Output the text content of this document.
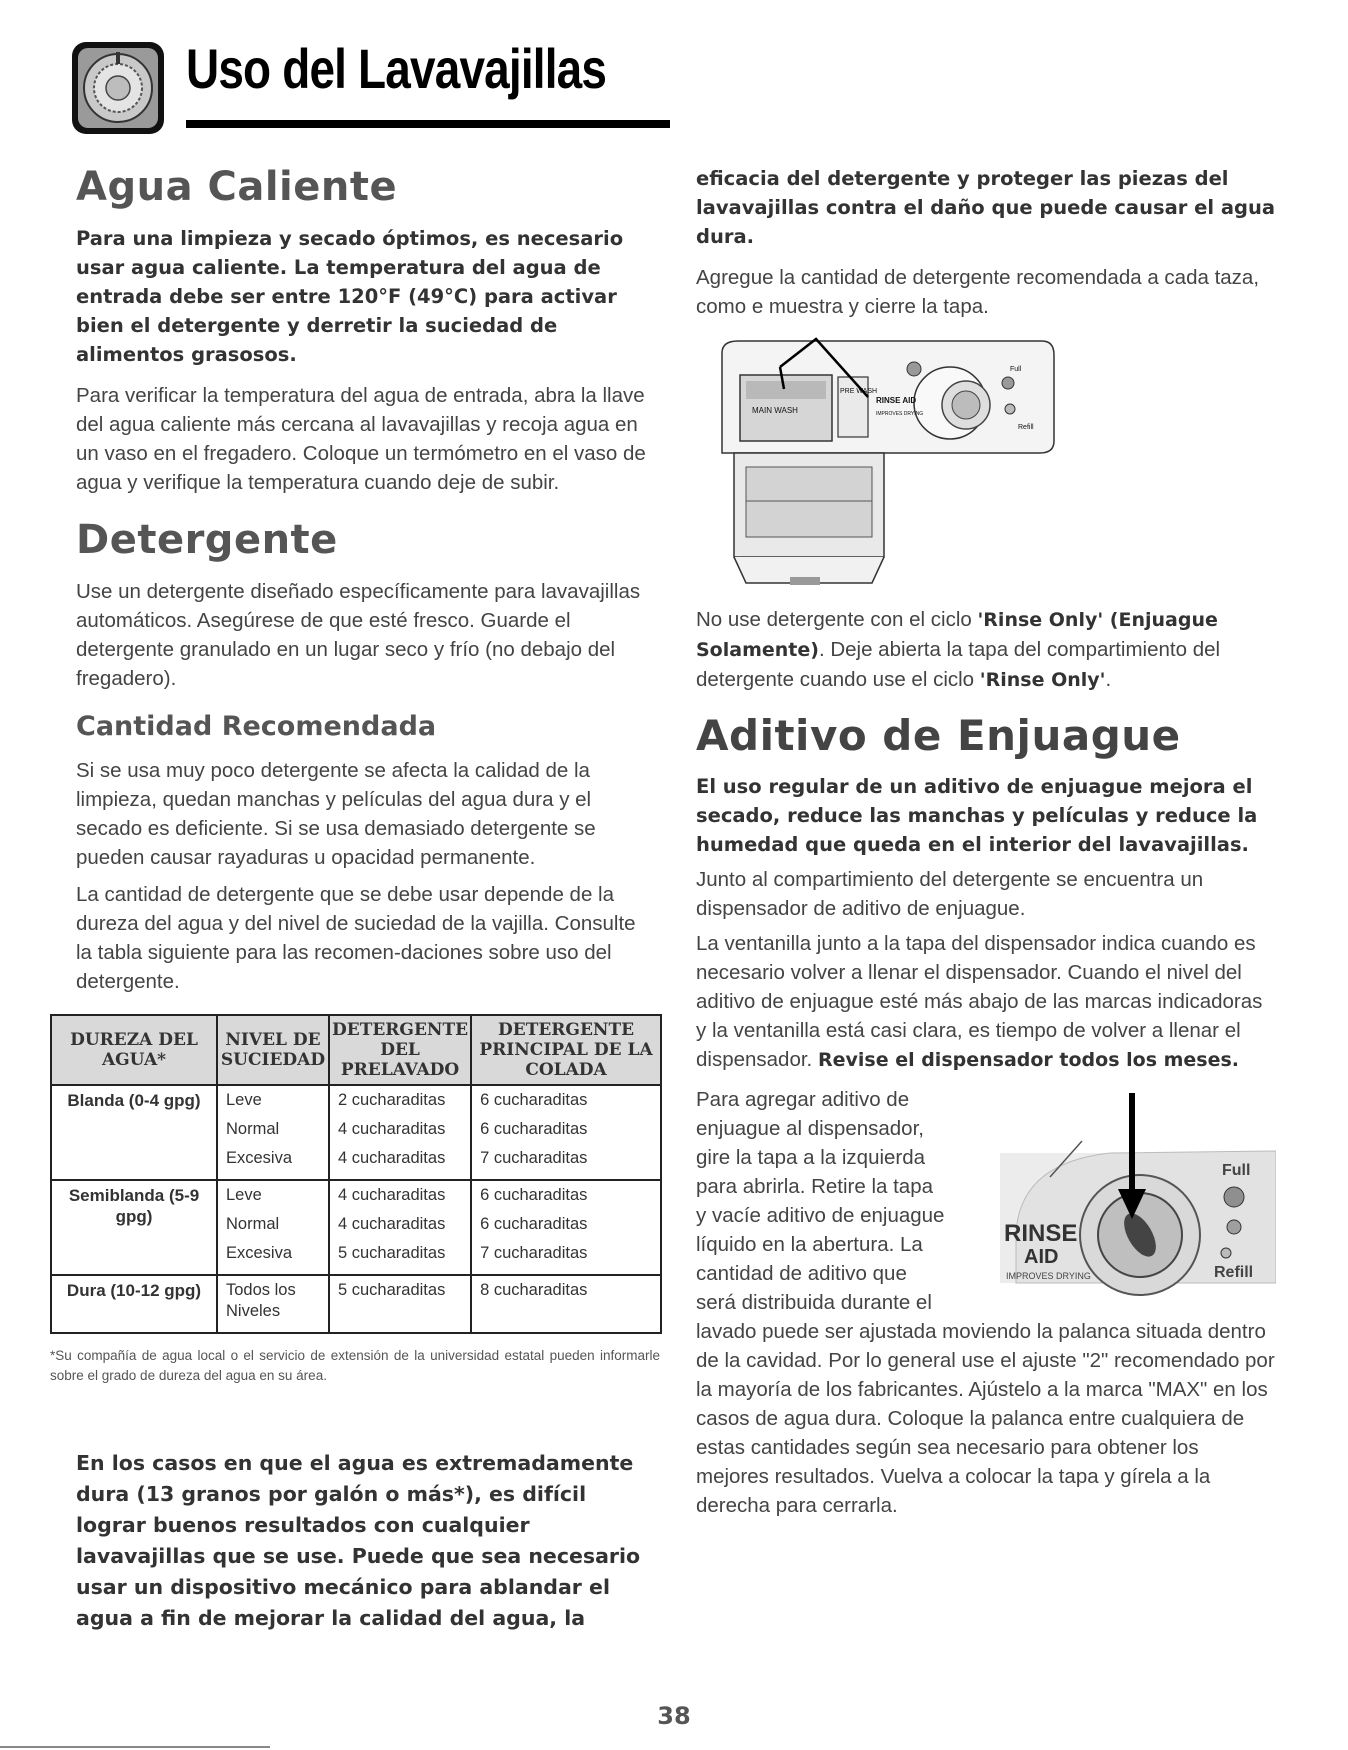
Uso del Lavavajillas
Agua Caliente

Para una limpieza y secado óptimos, es necesario usar agua caliente. La temperatura del agua de entrada debe ser entre 120°F (49°C) para activar bien el detergente y derretir la suciedad de alimentos grasosos.

Para verificar la temperatura del agua de entrada, abra la llave del agua caliente más cercana al lavavajillas y recoja agua en un vaso en el fregadero. Coloque un termómetro en el vaso de agua y verifique la temperatura cuando deje de subir.

Detergente

Use un detergente diseñado específicamente para lavavajillas automáticos. Asegúrese de que esté fresco. Guarde el detergente granulado en un lugar seco y frío (no debajo del fregadero).

Cantidad Recomendada

Si se usa muy poco detergente se afecta la calidad de la limpieza, quedan manchas y películas del agua dura y el secado es deficiente. Si se usa demasiado detergente se pueden causar rayaduras u opacidad permanente.

La cantidad de detergente que se debe usar depende de la dureza del agua y del nivel de suciedad de la vajilla. Consulte la tabla siguiente para las recomen-daciones sobre uso del detergente.

DUREZA DEL AGUA*	NIVEL DE SUCIEDAD	DETERGENTE DEL PRELAVADO	DETERGENTE PRINCIPAL DE LA COLADA
Blanda (0-4 gpg)	Leve	2 cucharaditas	6 cucharaditas
	Normal	4 cucharaditas	6 cucharaditas
	Excesiva	4 cucharaditas	7 cucharaditas
Semiblanda (5-9 gpg)	Leve	4 cucharaditas	6 cucharaditas
	Normal	4 cucharaditas	6 cucharaditas
	Excesiva	5 cucharaditas	7 cucharaditas
Dura (10-12 gpg)	Todos los Niveles	5 cucharaditas	8 cucharaditas

*Su compañía de agua local o el servicio de extensión de la universidad estatal pueden informarle sobre el grado de dureza del agua en su área.

En los casos en que el agua es extremadamente dura (13 granos por galón o más*), es difícil lograr buenos resultados con cualquier lavavajillas que se use. Puede que sea necesario usar un dispositivo mecánico para ablandar el agua a fin de mejorar la calidad del agua, la

eficacia del detergente y proteger las piezas del lavavajillas contra el daño que puede causar el agua dura.

Agregue la cantidad de detergente recomendada a cada taza, como e muestra y cierre la tapa.

MAIN WASH
PRE WASH
RINSE AID
IMPROVES DRYING
Full
Refill

No use detergente con el ciclo 'Rinse Only' (Enjuague Solamente). Deje abierta la tapa del compartimiento del detergente cuando use el ciclo 'Rinse Only'.

Aditivo de Enjuague

El uso regular de un aditivo de enjuague mejora el secado, reduce las manchas y películas y reduce la humedad que queda en el interior del lavavajillas.

Junto al compartimiento del detergente se encuentra un dispensador de aditivo de enjuague.

La ventanilla junto a la tapa del dispensador indica cuando es necesario volver a llenar el dispensador. Cuando el nivel del aditivo de enjuague esté más abajo de las marcas indicadoras y la ventanilla está casi clara, es tiempo de volver a llenar el dispensador. Revise el dispensador todos los meses.

RINSE
AID
IMPROVES DRYING
Full
Refill
Para agregar aditivo de
enjuague al dispensador,
gire la tapa a la izquierda
para abrirla. Retire la tapa
y vacíe aditivo de enjuague
líquido en la abertura. La
cantidad de aditivo que
será distribuida durante el

lavado puede ser ajustada moviendo la palanca situada dentro de la cavidad. Por lo general use el ajuste "2" recomendado por la mayoría de los fabricantes. Ajústelo a la marca "MAX" en los casos de agua dura. Coloque la palanca entre cualquiera de estas cantidades según sea necesario para obtener los mejores resultados. Vuelva a colocar la tapa y gírela a la derecha para cerrarla.

38
